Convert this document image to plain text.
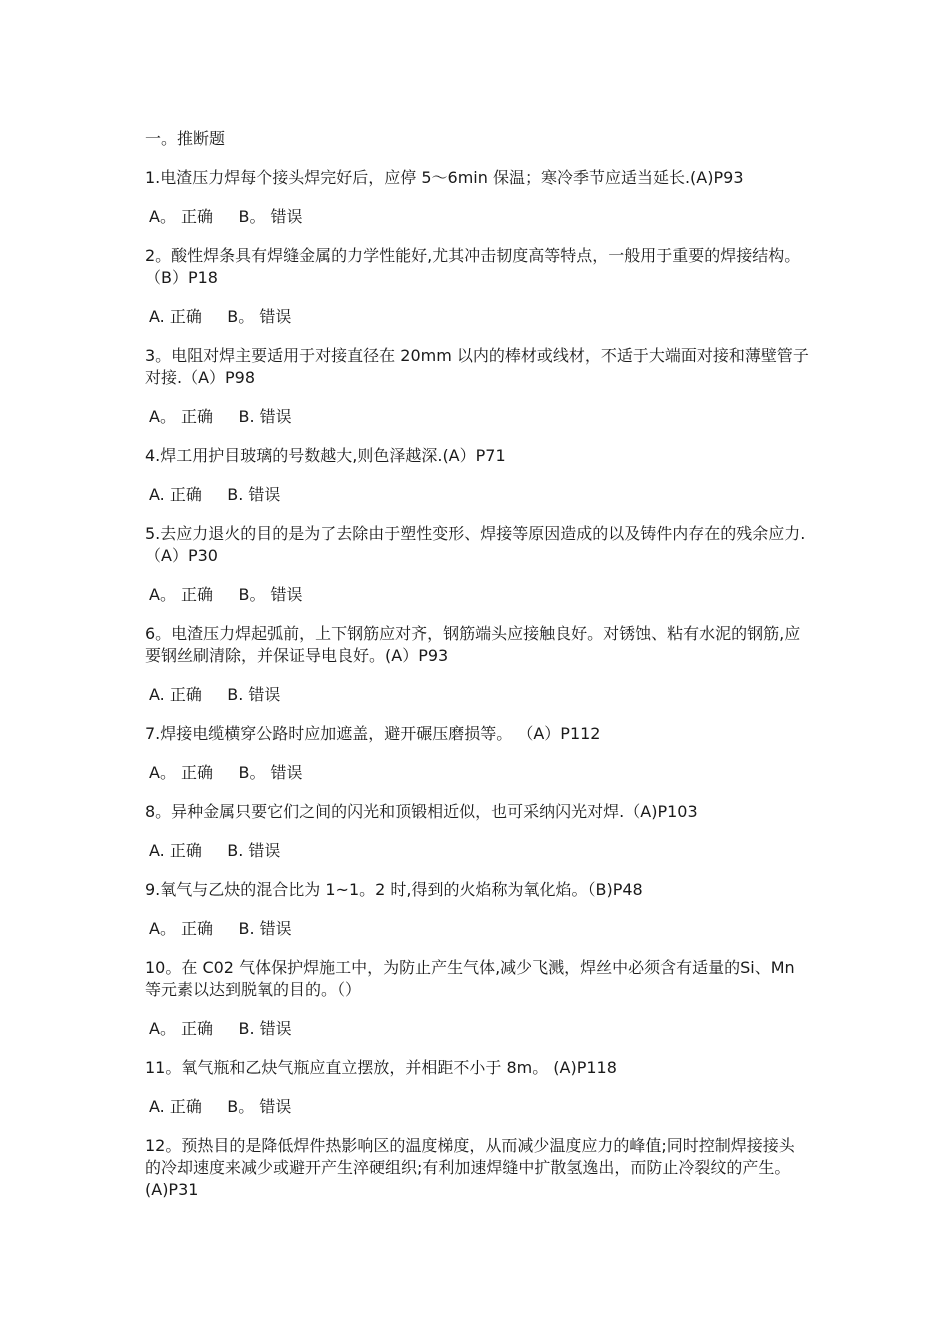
一。推断题
1.电渣压力焊每个接头焊完好后，应停 5～6min 保温；寒冷季节应适当延长.(A)P93
A。 正确     B。 错误
2。酸性焊条具有焊缝金属的力学性能好,尤其冲击韧度高等特点，一般用于重要的焊接结构。（B）P18
A. 正确     B。 错误
3。电阻对焊主要适用于对接直径在 20mm 以内的棒材或线材，不适于大端面对接和薄壁管子对接.（A）P98
A。 正确     B. 错误
4.焊工用护目玻璃的号数越大,则色泽越深.(A）P71
A. 正确     B. 错误
5.去应力退火的目的是为了去除由于塑性变形、焊接等原因造成的以及铸件内存在的残余应力.（A）P30
A。 正确     B。 错误
6。电渣压力焊起弧前，上下钢筋应对齐，钢筋端头应接触良好。对锈蚀、粘有水泥的钢筋,应要钢丝刷清除，并保证导电良好。(A）P93
A. 正确     B. 错误
7.焊接电缆横穿公路时应加遮盖，避开碾压磨损等。 （A）P112
A。 正确     B。 错误
8。异种金属只要它们之间的闪光和顶锻相近似，也可采纳闪光对焊.（A)P103
A. 正确     B. 错误
9.氧气与乙炔的混合比为 1~1。2 时,得到的火焰称为氧化焰。（B)P48
A。 正确     B. 错误
10。在 C02 气体保护焊施工中，为防止产生气体,减少飞溅，焊丝中必须含有适量的Si、Mn 等元素以达到脱氧的目的。（）
A。 正确     B. 错误
11。氧气瓶和乙炔气瓶应直立摆放，并相距不小于 8m。 (A)P118
A. 正确     B。 错误
12。预热目的是降低焊件热影响区的温度梯度，从而减少温度应力的峰值;同时控制焊接接头的冷却速度来减少或避开产生淬硬组织;有利加速焊缝中扩散氢逸出，而防止冷裂纹的产生。(A)P31
